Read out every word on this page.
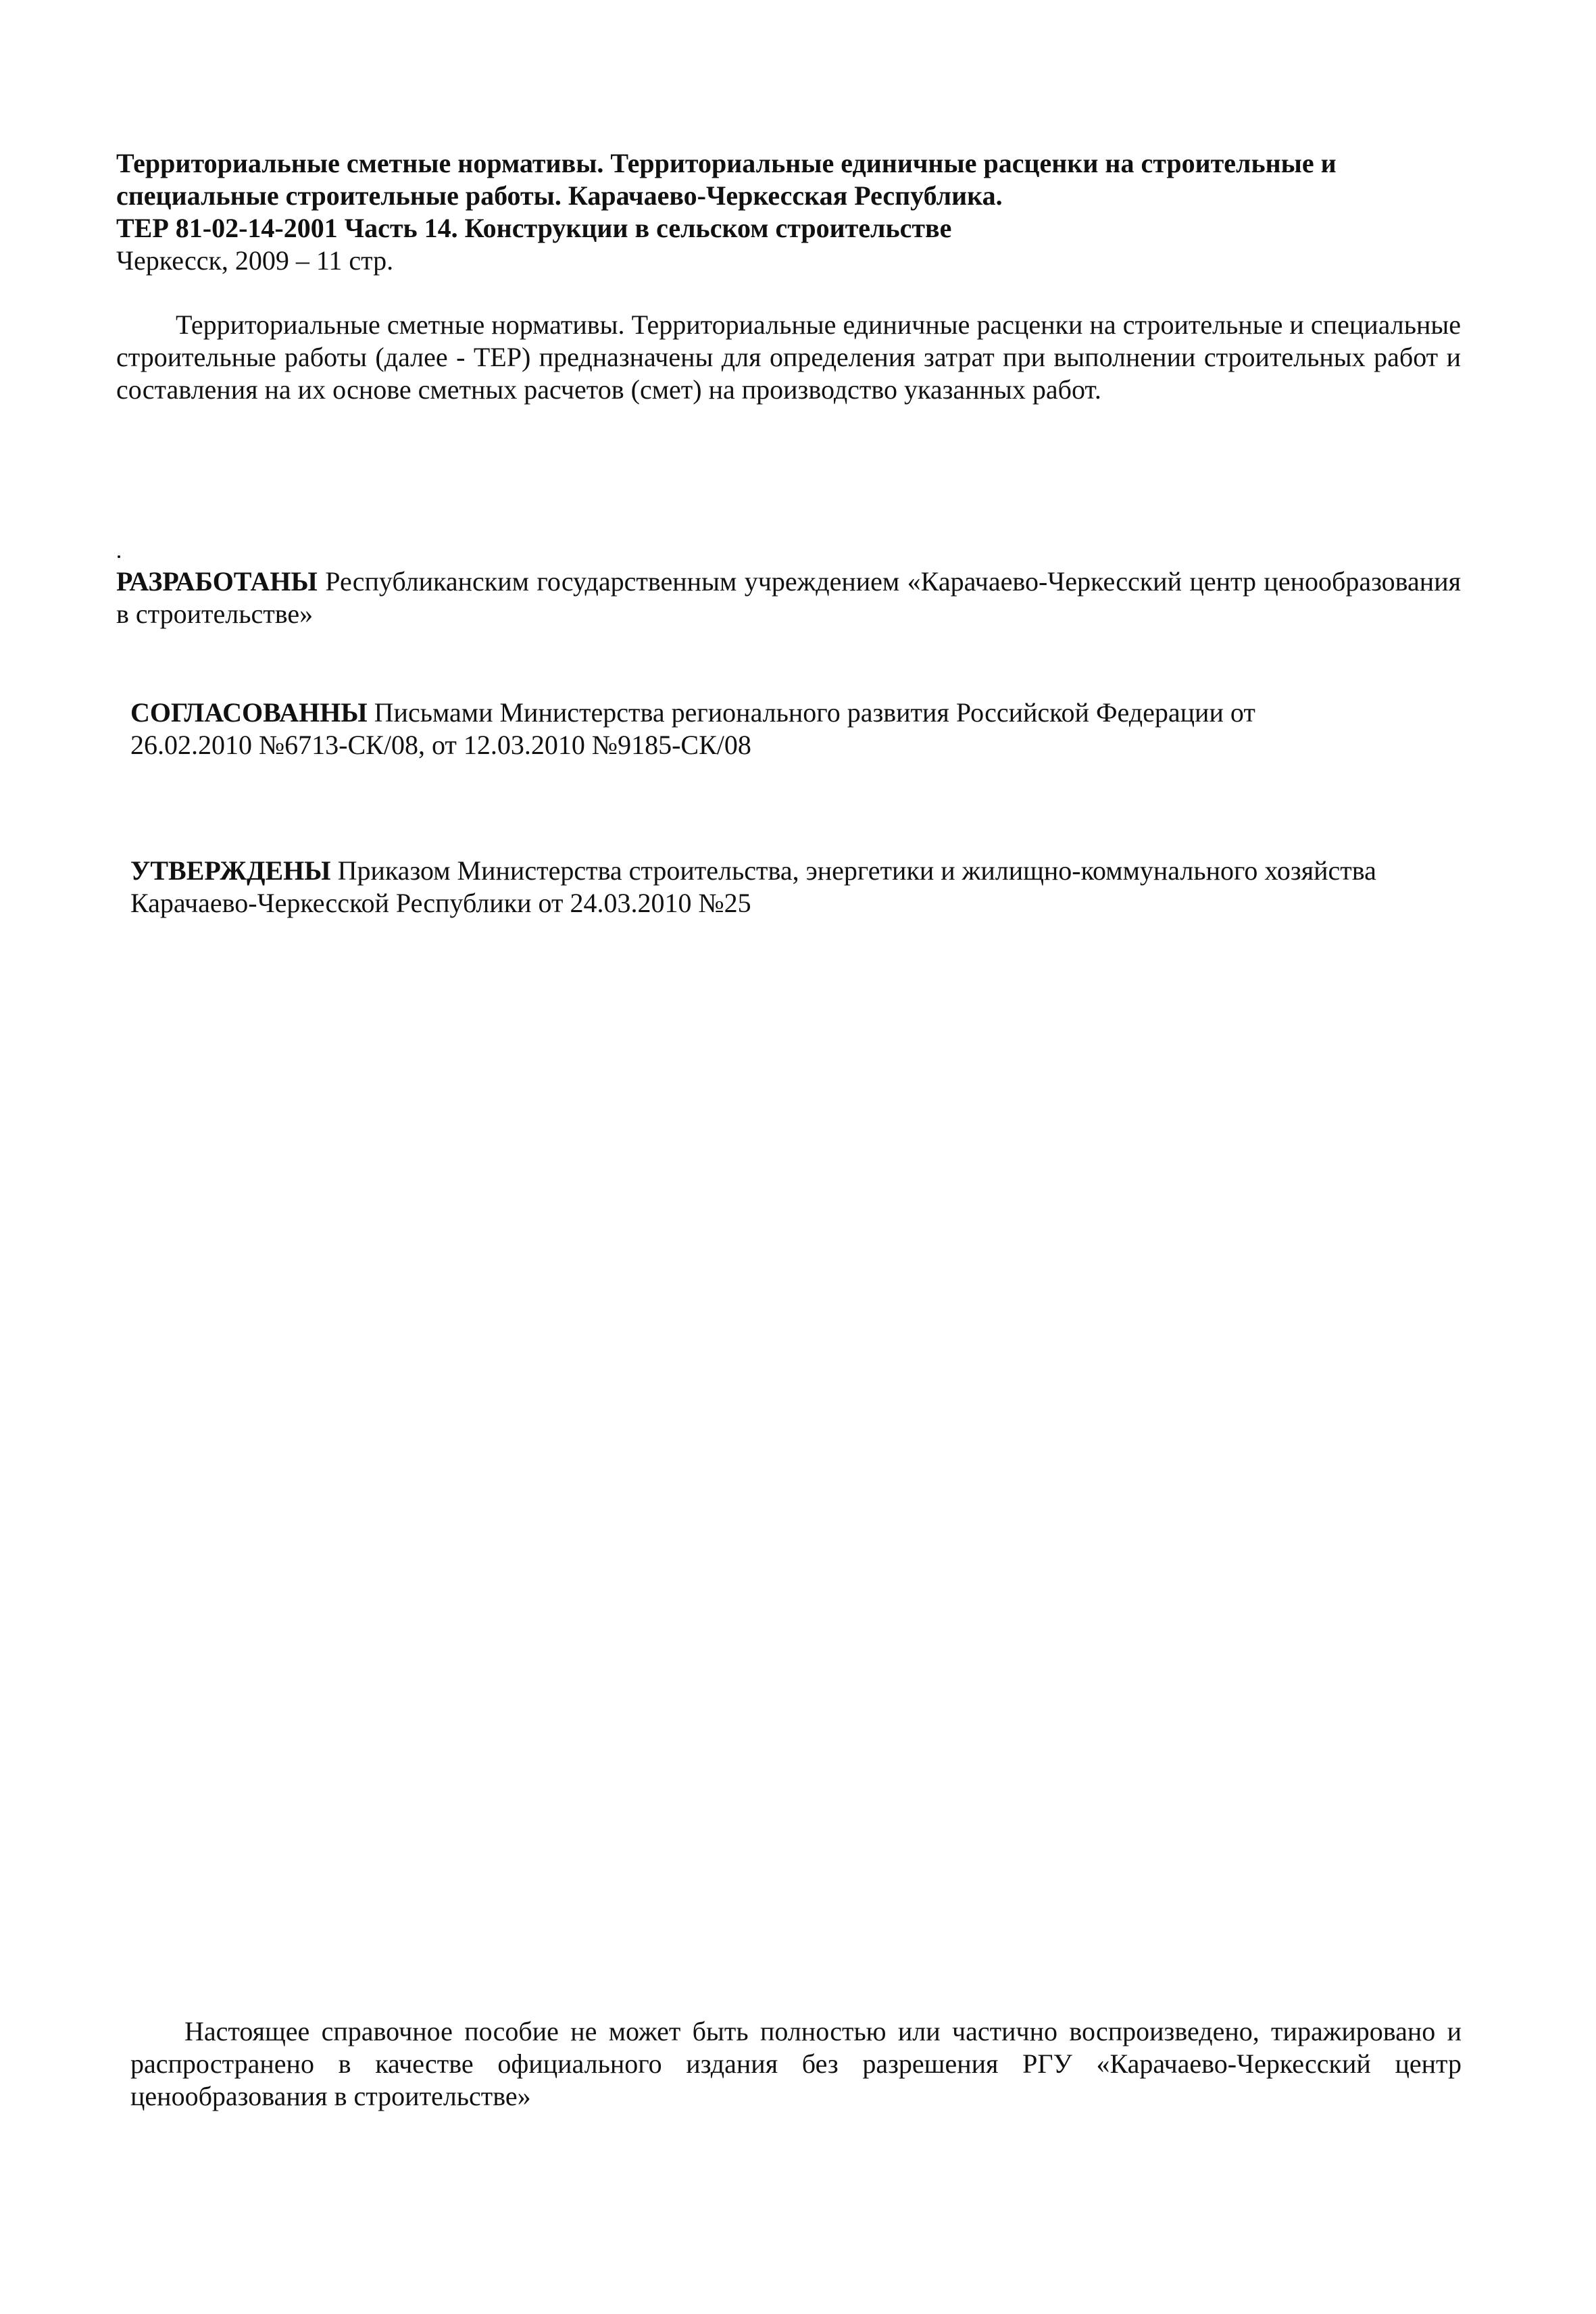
Территориальные сметные нормативы. Территориальные единичные расценки на строительные и
специальные строительные работы. Карачаево-Черкесская Республика.
ТЕР 81-02-14-2001 Часть 14. Конструкции в сельском строительстве
Черкесск, 2009 – 11 стр.

Территориальные сметные нормативы. Территориальные единичные расценки на строительные и специальные строительные работы (далее - ТЕР) предназначены для определения затрат при выполнении строительных работ и составления на их основе сметных расчетов (смет) на производство указанных работ.

РАЗРАБОТАНЫ Республиканским государственным учреждением «Карачаево-Черкесский центр ценообразования в строительстве»

СОГЛАСОВАННЫ Письмами Министерства регионального развития Российской Федерации от
26.02.2010 №6713-СК/08, от 12.03.2010 №9185-СК/08

УТВЕРЖДЕНЫ Приказом Министерства строительства, энергетики и жилищно-коммунального хозяйства
Карачаево-Черкесской Республики от 24.03.2010 №25

Настоящее справочное пособие не может быть полностью или частично воспроизведено, тиражировано и распространено в качестве официального издания без разрешения РГУ «Карачаево-Черкесский центр ценообразования в строительстве»
